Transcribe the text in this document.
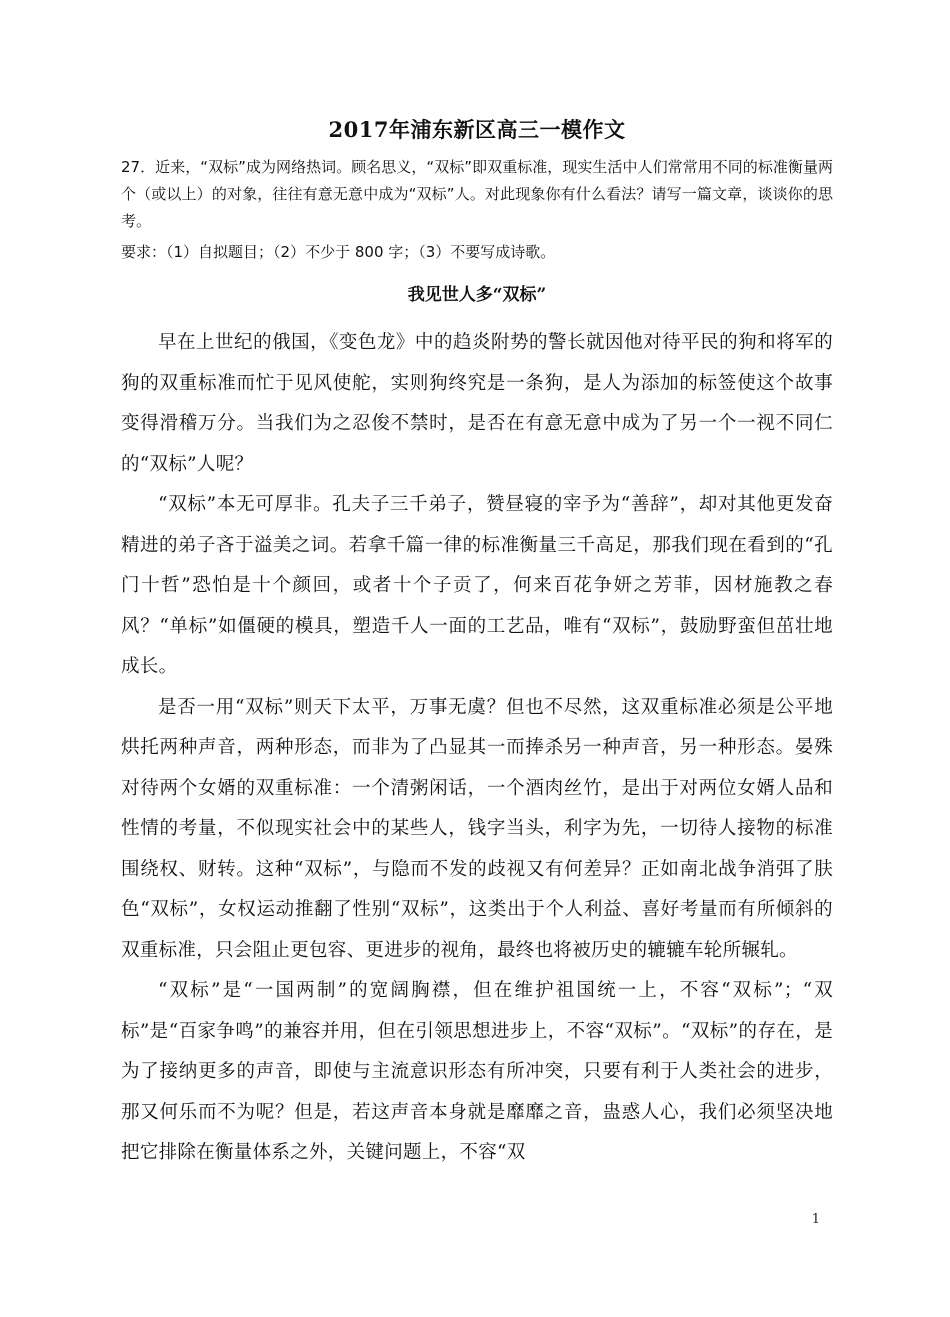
2017年浦东新区高三一模作文

27．近来，“双标”成为网络热词。顾名思义，“双标”即双重标准，现实生活中人们常常用不同的标准衡量两个（或以上）的对象，往往有意无意中成为“双标”人。对此现象你有什么看法？请写一篇文章，谈谈你的思考。

要求：（1）自拟题目；（2）不少于 800 字；（3）不要写成诗歌。

我见世人多“双标”

早在上世纪的俄国，《变色龙》中的趋炎附势的警长就因他对待平民的狗和将军的狗的双重标准而忙于见风使舵，实则狗终究是一条狗，是人为添加的标签使这个故事变得滑稽万分。当我们为之忍俊不禁时，是否在有意无意中成为了另一个一视不同仁的“双标”人呢？

“双标”本无可厚非。孔夫子三千弟子，赞昼寝的宰予为“善辞”，却对其他更发奋精进的弟子吝于溢美之词。若拿千篇一律的标准衡量三千高足，那我们现在看到的“孔门十哲”恐怕是十个颜回，或者十个子贡了，何来百花争妍之芳菲，因材施教之春风？“单标”如僵硬的模具，塑造千人一面的工艺品，唯有“双标”，鼓励野蛮但茁壮地成长。

是否一用“双标”则天下太平，万事无虞？但也不尽然，这双重标准必须是公平地烘托两种声音，两种形态，而非为了凸显其一而捧杀另一种声音，另一种形态。晏殊对待两个女婿的双重标准：一个清粥闲话，一个酒肉丝竹，是出于对两位女婿人品和性情的考量，不似现实社会中的某些人，钱字当头，利字为先，一切待人接物的标准围绕权、财转。这种“双标”，与隐而不发的歧视又有何差异？正如南北战争消弭了肤色“双标”，女权运动推翻了性别“双标”，这类出于个人利益、喜好考量而有所倾斜的双重标准，只会阻止更包容、更进步的视角，最终也将被历史的辘辘车轮所辗轧。

“双标”是“一国两制”的宽阔胸襟，但在维护祖国统一上，不容“双标”；“双标”是“百家争鸣”的兼容并用，但在引领思想进步上，不容“双标”。“双标”的存在，是为了接纳更多的声音，即使与主流意识形态有所冲突，只要有利于人类社会的进步，那又何乐而不为呢？但是，若这声音本身就是靡靡之音，蛊惑人心，我们必须坚决地把它排除在衡量体系之外，关键问题上，不容“双

1
